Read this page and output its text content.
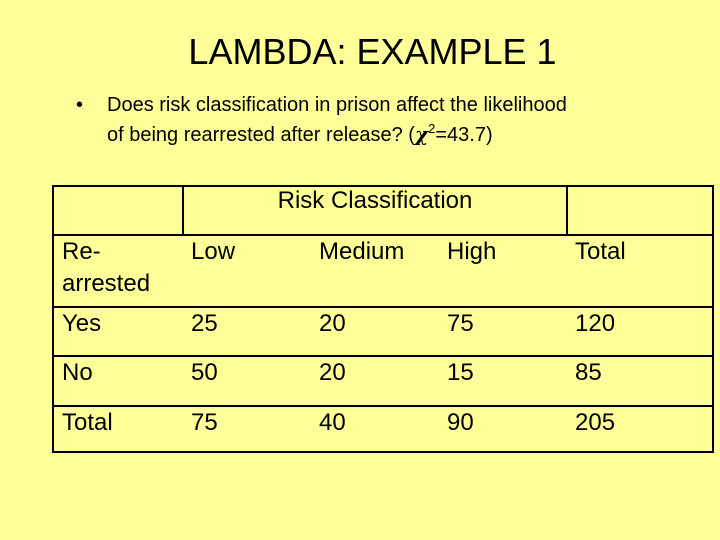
LAMBDA: EXAMPLE 1
• Does risk classification in prison affect the likelihood
of being rearrested after release? $(\chi^2=43.7)$
	Risk Classification			
Re-arrested	Low	Medium	High	Total
Yes	25	20	75	120
No	50	20	15	85
Total	75	40	90	205
